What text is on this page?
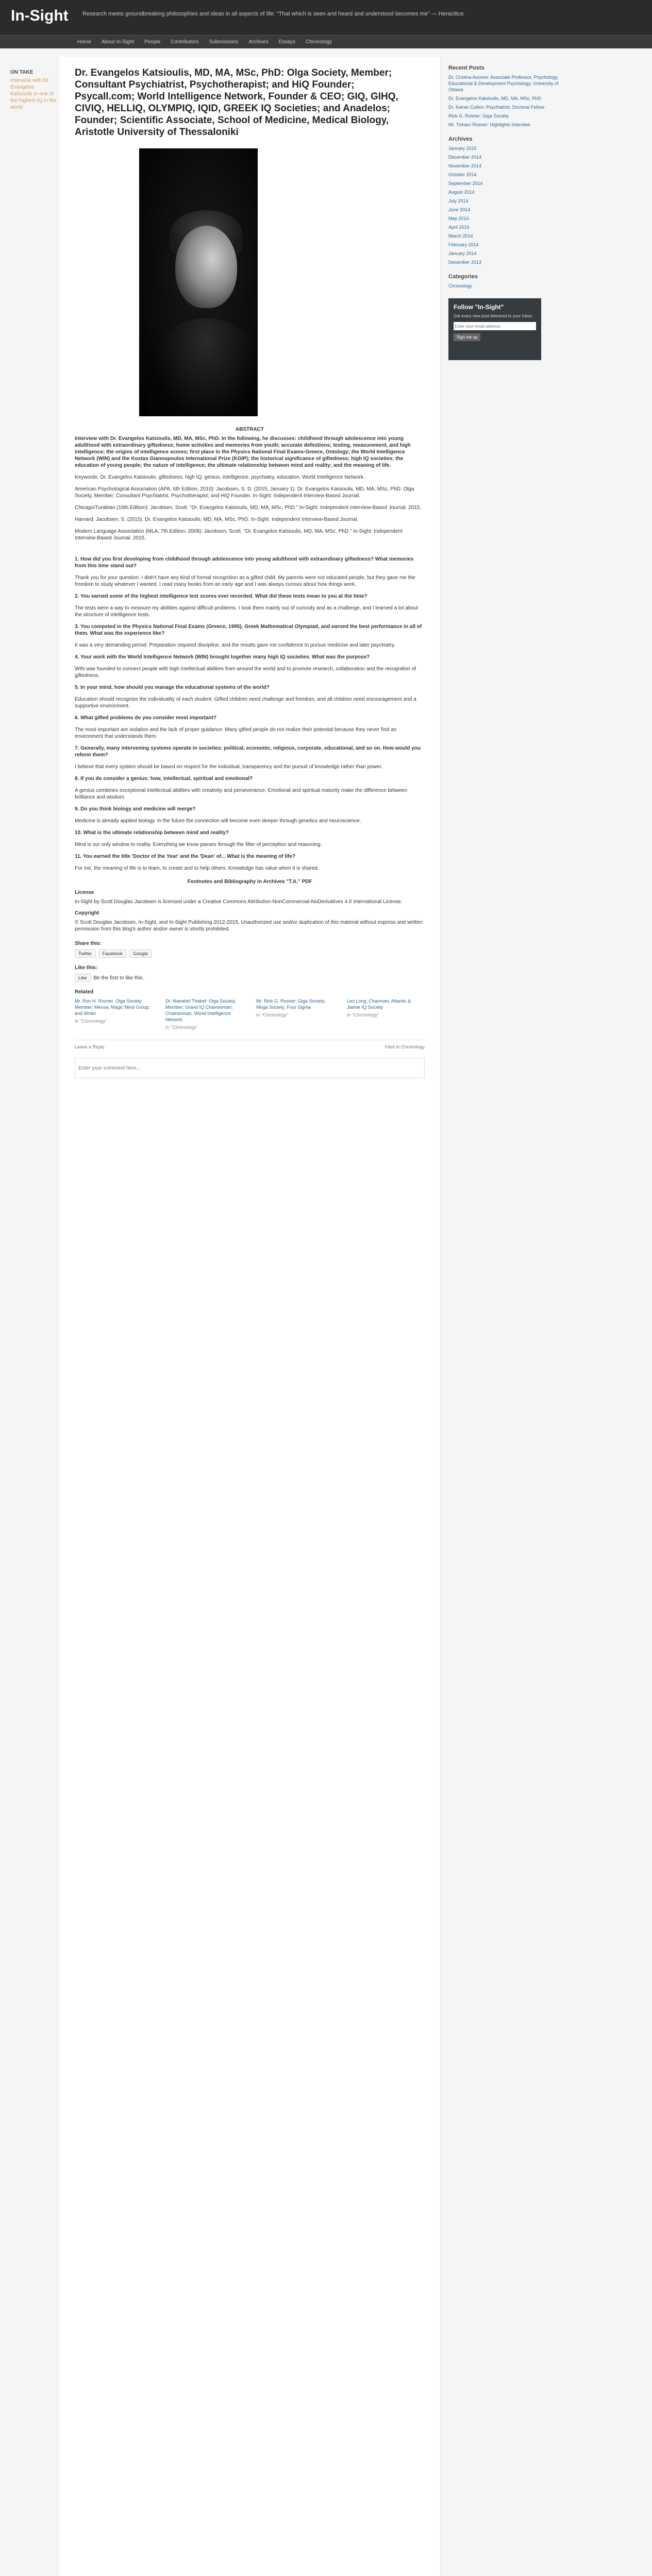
In-Sight Research meets groundbreaking philosophies and ideas in all aspects of life: "That which is seen and heard and understood becomes me" — Heraclitus
Home About In-Sight People Contributors Submissions Archives Essays Chronology
ON TAKE
Interview with Dr. Evangelos Katsioulis in one of the highest IQ in the world
Dr. Evangelos Katsioulis, MD, MA, MSc, PhD: Olga Society, Member; Consultant Psychiatrist, Psychotherapist; and HiQ Founder; Psycall.com; World Intelligence Network, Founder & CEO; GIQ, GIHQ, CIVIQ, HELLIQ, OLYMPIQ, IQID, GREEK IQ Societies; and Anadelos; Founder; Scientific Associate, School of Medicine, Medical Biology, Aristotle University of Thessaloniki
ABSTRACT

Interview with Dr. Evangelos Katsioulis, MD, MA, MSc, PhD. In the following, he discusses: childhood through adolescence into young adulthood with extraordinary giftedness; home activities and memories from youth; accurate definitions; testing, measurement, and high intelligence; the origins of intelligence scores; first place in the Physics National Final Exams-Greece, Ontology; the World Intelligence Network (WIN) and the Kostas Giannopoulos International Prize (KGIP); the historical significance of giftedness; high IQ societies; the education of young people; the nature of intelligence; the ultimate relationship between mind and reality; and the meaning of life.

Keywords: Dr. Evangelos Katsioulis, giftedness, high IQ, genius, intelligence, psychiatry, education, World Intelligence Network.

American Psychological Association (APA, 6th Edition, 2010): Jacobsen, S. D. (2015, January 1). Dr. Evangelos Katsioulis, MD, MA, MSc, PhD: Olga Society, Member; Consultant Psychiatrist, Psychotherapist; and HiQ Founder. In-Sight: Independent Interview-Based Journal.

Chicago/Turabian (16th Edition): Jacobsen, Scott. "Dr. Evangelos Katsioulis, MD, MA, MSc, PhD." In-Sight: Independent Interview-Based Journal. 2015.

Harvard: Jacobsen, S. (2015). Dr. Evangelos Katsioulis, MD, MA, MSc, PhD. In-Sight: Independent Interview-Based Journal.

Modern Language Association (MLA, 7th Edition, 2009): Jacobsen, Scott. "Dr. Evangelos Katsioulis, MD, MA, MSc, PhD." In-Sight: Independent Interview-Based Journal. 2015.

1. How did you first developing from childhood through adolescence into young adulthood with extraordinary giftedness? What memories from this time stand out?

Thank you for your question. I didn't have any kind of formal recognition as a gifted child. My parents were not educated people, but they gave me the freedom to study whatever I wanted. I read many books from an early age and I was always curious about how things work.

2. You earned some of the highest intelligence test scores ever recorded. What did these tests mean to you at the time?

The tests were a way to measure my abilities against difficult problems. I took them mainly out of curiosity and as a challenge, and I learned a lot about the structure of intelligence tests.

3. You competed in the Physics National Final Exams (Greece, 1995), Greek Mathematical Olympiad, and earned the best performance in all of them. What was the experience like?

It was a very demanding period. Preparation required discipline, and the results gave me confidence to pursue medicine and later psychiatry.

4. Your work with the World Intelligence Network (WIN) brought together many high IQ societies. What was the purpose?

WIN was founded to connect people with high intellectual abilities from around the world and to promote research, collaboration and the recognition of giftedness.

5. In your mind, how should you manage the educational systems of the world?

Education should recognize the individuality of each student. Gifted children need challenge and freedom, and all children need encouragement and a supportive environment.

6. What gifted problems do you consider most important?

The most important are isolation and the lack of proper guidance. Many gifted people do not realize their potential because they never find an environment that understands them.

7. Generally, many intervening systems operate in societies: political, economic, religious, corporate, educational, and so on. How would you reform them?

I believe that every system should be based on respect for the individual, transparency and the pursuit of knowledge rather than power.

8. If you do consider a genius: how, intellectual, spiritual and emotional?

A genius combines exceptional intellectual abilities with creativity and perseverance. Emotional and spiritual maturity make the difference between brilliance and wisdom.

9. Do you think biology and medicine will merge?

Medicine is already applied biology. In the future the connection will become even deeper through genetics and neuroscience.

10. What is the ultimate relationship between mind and reality?

Mind is our only window to reality. Everything we know passes through the filter of perception and reasoning.

11. You earned the title 'Doctor of the Year' and the 'Dean' of... What is the meaning of life?

For me, the meaning of life is to learn, to create and to help others. Knowledge has value when it is shared.

Footnotes and Bibliography in Archives "T.A." PDF
License

In-Sight by Scott Douglas Jacobsen is licensed under a Creative Commons Attribution-NonCommercial-NoDerivatives 4.0 International License.

Copyright

© Scott Douglas Jacobsen, In-Sight, and In-Sight Publishing 2012-2015. Unauthorized use and/or duplication of this material without express and written permission from this blog's author and/or owner is strictly prohibited.

Share this:
Twitter	Facebook	Google
Like this:
Like	Be the first to like this.
Related
Mr. Ron H. Rozner, Olga Society Member; Mensa; Magic Mind Group; and Writer
In "Chronology"
Dr. Manahel Thabet: Olga Society; Member; Grand IQ Chairwoman; Chairwoman, World Intelligence Network
In "Chronology"
Mr. Rick G. Rosner: Giga Society; Mega Society; Four Sigma
In "Chronology"
Leo Long: Chairman, Atlantic & Jaimie IQ Society
In "Chronology"
Leave a Reply	Filed in Chronology
Enter your comment here...
Recent Posts
Dr. Cristina Ascone: Associate Professor, Psychology, Educational & Development Psychology, University of Ottawa
Dr. Evangelos Katsioulis, MD, MA, MSc, PhD
Dr. Kieran Cullen: Psychiatrist, Doctoral Fellow
Rick G. Rosner: Giga Society
Mr. Tisham Rosner: Highlights Interview
Archives
January 2015
December 2014
November 2014
October 2014
September 2014
August 2014
July 2014
June 2014
May 2014
April 2014
March 2014
February 2014
January 2014
December 2013
Categories
Chronology
Follow "In-Sight"
Get every new post delivered to your Inbox.
Enter your email address Sign me up
